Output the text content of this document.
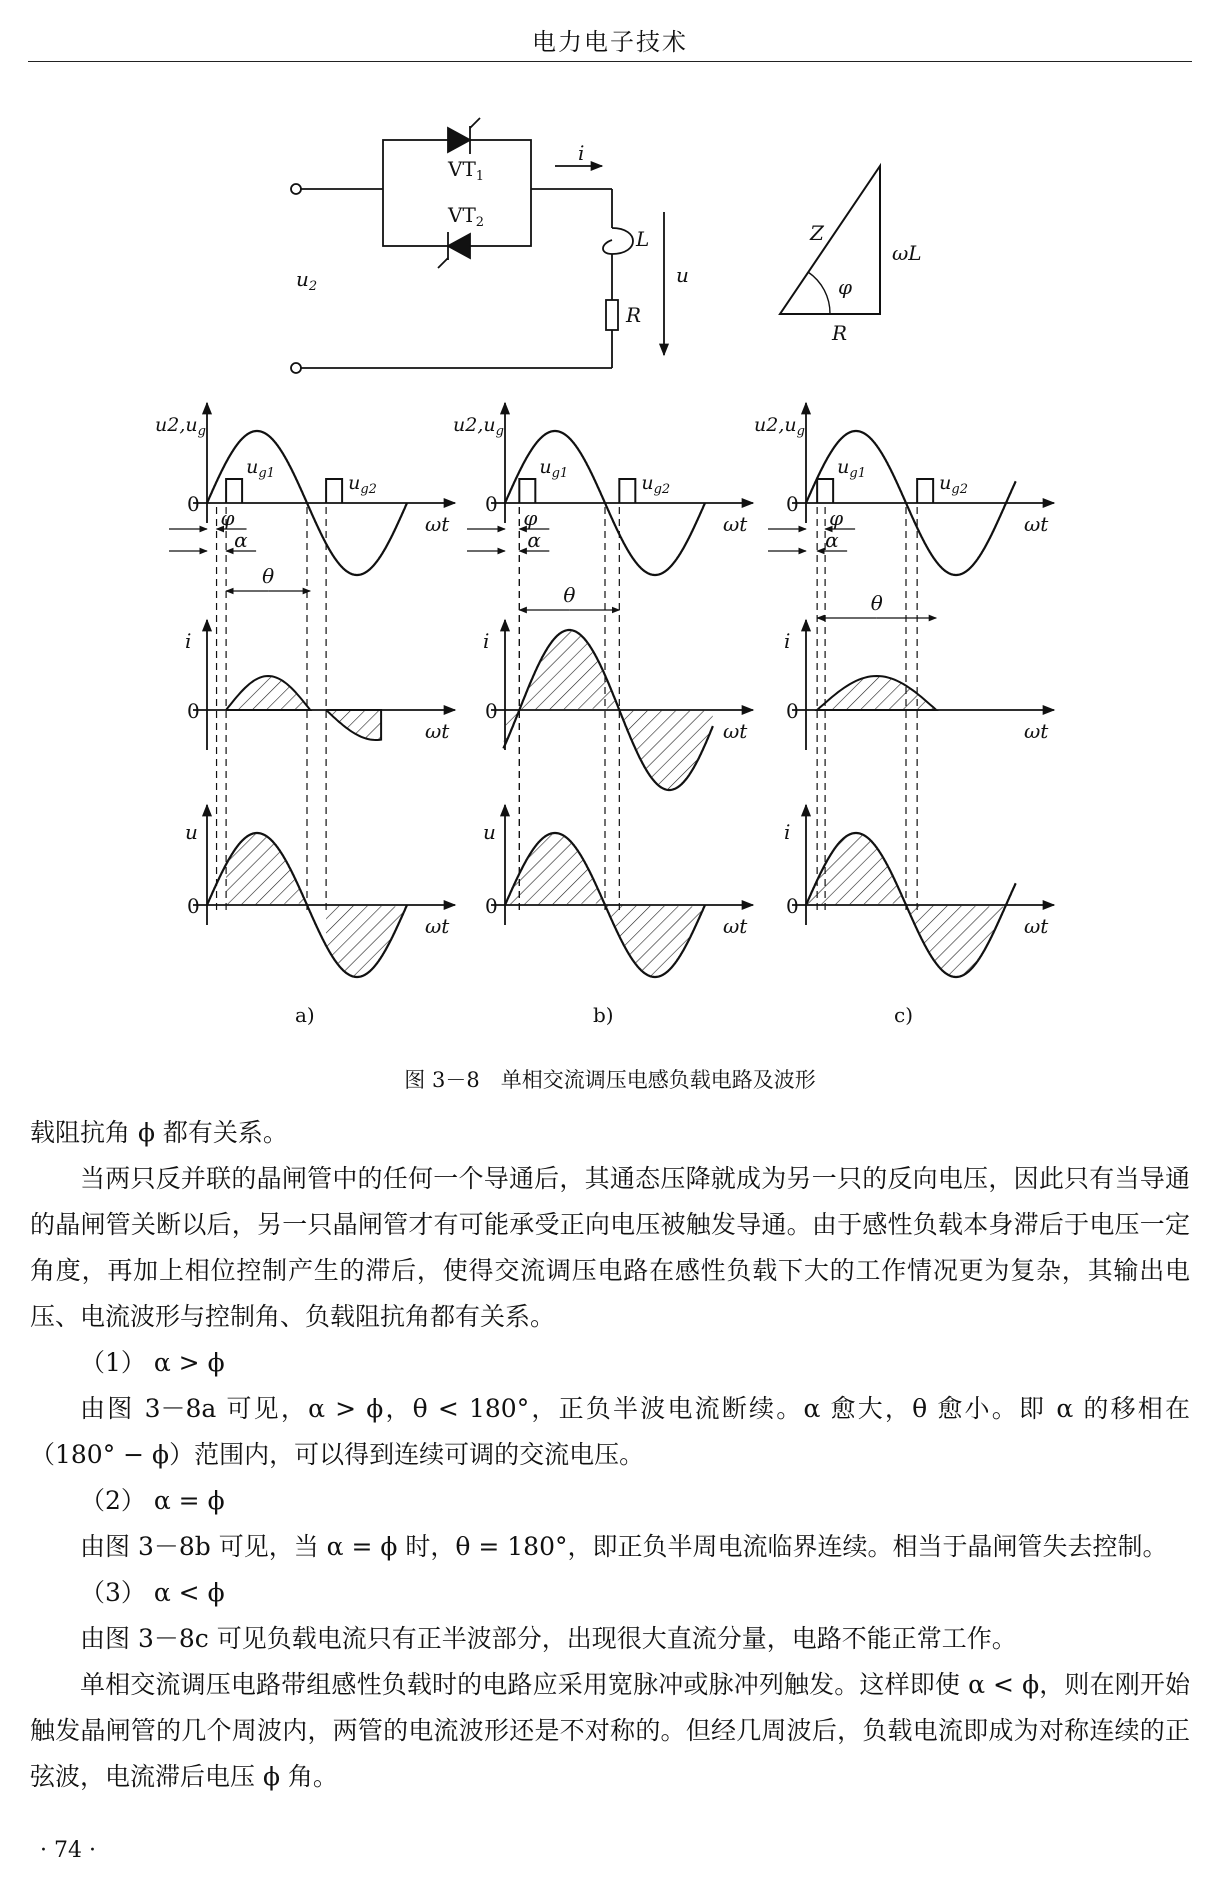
电力电子技术
$VT_1$
$VT_2$
i
L
R
u
$u_2$
Z
ωL
R
φ
$u2,u_g$
0
ωt
$u_{g1}$	$u_{g2}$
φ
α
i
0
ωt
θ
u
0
ωt
a)
$u2,u_g$
0
ωt
$u_{g1}$	$u_{g2}$
φ
α
i
0
ωt
θ
u
0
ωt
b)
$u2,u_g$
0
ωt
$u_{g1}$	$u_{g2}$
φ
α
i
0
ωt
θ
i
0
ωt
c)
图 3－8　单相交流调压电感负载电路及波形

载阻抗角 ϕ 都有关系。

当两只反并联的晶闸管中的任何一个导通后，其通态压降就成为另一只的反向电压，因此只有当导通的晶闸管关断以后，另一只晶闸管才有可能承受正向电压被触发导通。由于感性负载本身滞后于电压一定角度，再加上相位控制产生的滞后，使得交流调压电路在感性负载下大的工作情况更为复杂，其输出电压、电流波形与控制角、负载阻抗角都有关系。

（1） α > ϕ

由图 3－8a 可见，α > ϕ，θ < 180°，正负半波电流断续。α 愈大，θ 愈小。即 α 的移相在（180° − ϕ）范围内，可以得到连续可调的交流电压。

（2） α = ϕ

由图 3－8b 可见，当 α = ϕ 时，θ = 180°，即正负半周电流临界连续。相当于晶闸管失去控制。

（3） α < ϕ

由图 3－8c 可见负载电流只有正半波部分，出现很大直流分量，电路不能正常工作。

单相交流调压电路带组感性负载时的电路应采用宽脉冲或脉冲列触发。这样即使 α < ϕ，则在刚开始触发晶闸管的几个周波内，两管的电流波形还是不对称的。但经几周波后，负载电流即成为对称连续的正弦波，电流滞后电压 ϕ 角。

· 74 ·
